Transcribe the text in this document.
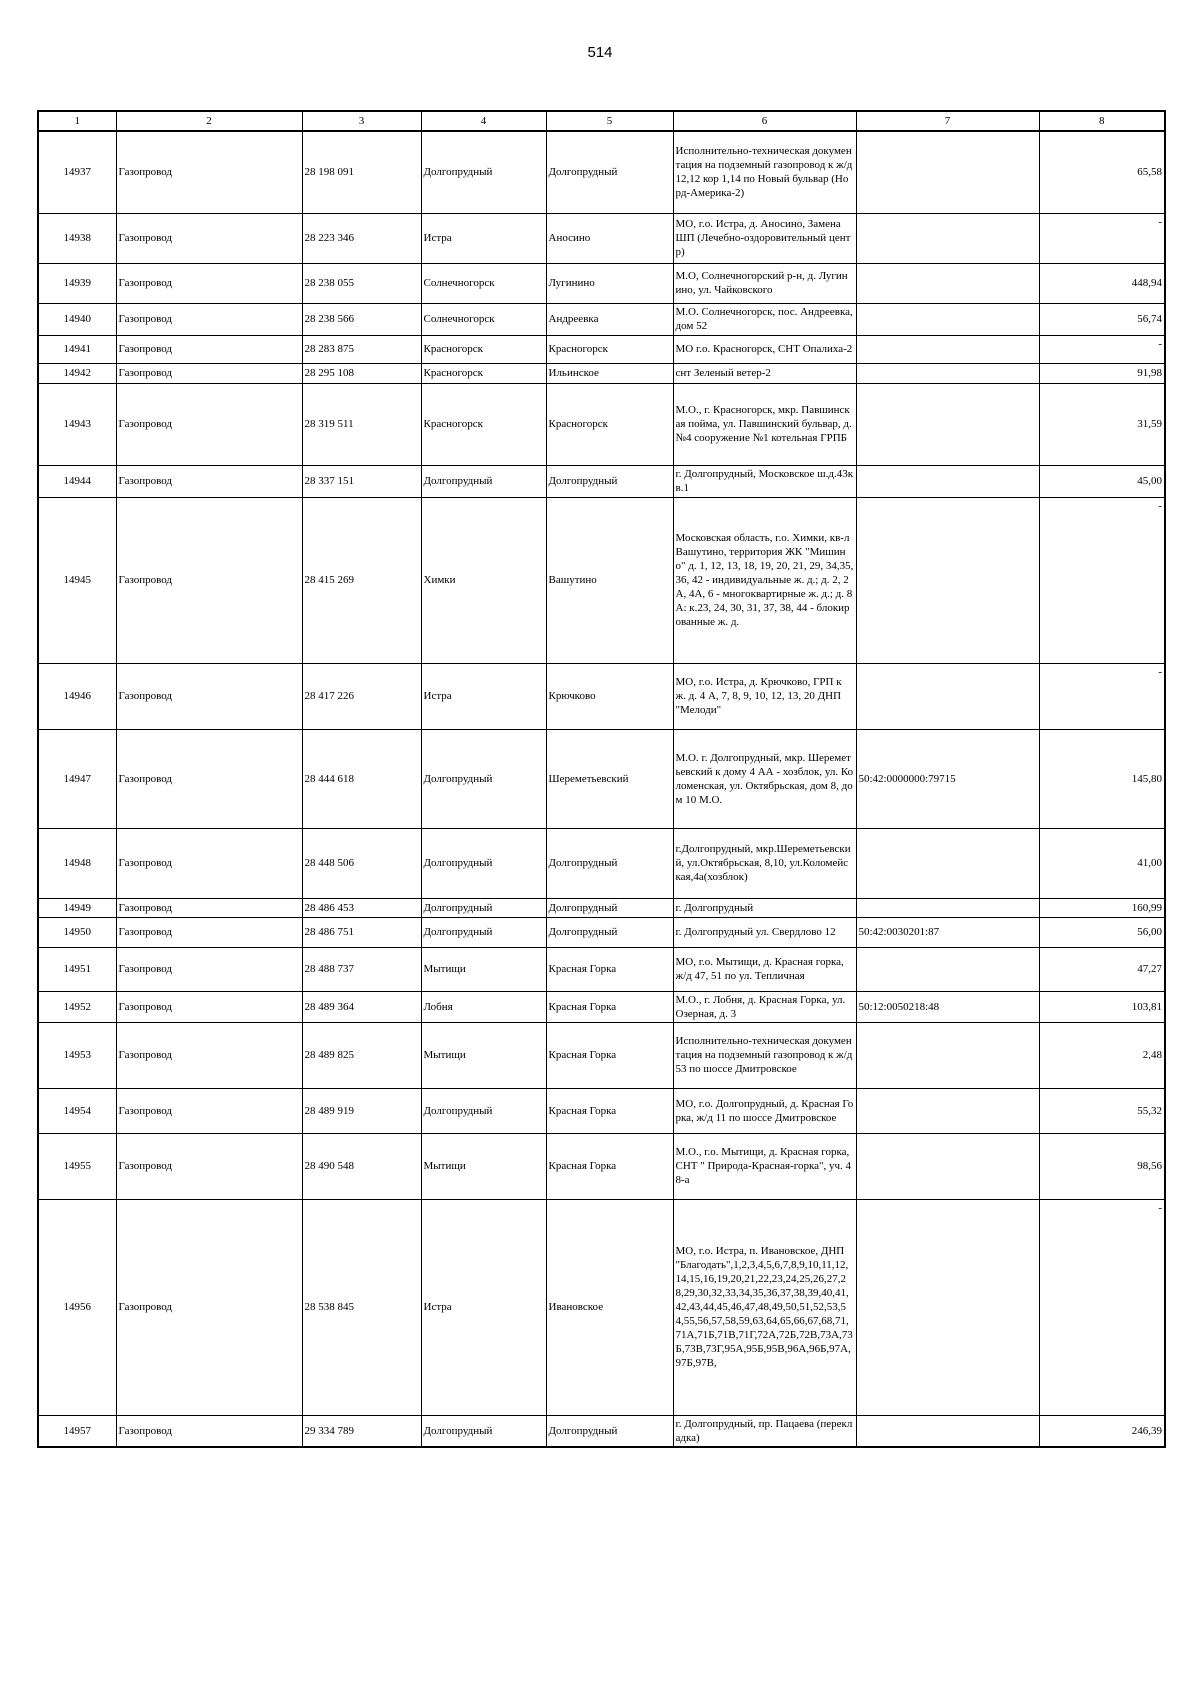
514
1	2	3	4	5	6	7	8
14937	Газопровод	28 198 091	Долгопрудный	Долгопрудный	Исполнительно-техническая документация на подземный газопровод к ж/д 12,12 кор 1,14 по Новый бульвар (Норд-Америка-2)		65,58
14938	Газопровод	28 223 346	Истра	Аносино	МО, г.о. Истра, д. Аносино, Замена ШП (Лечебно-оздоровительный центр)		-
14939	Газопровод	28 238 055	Солнечногорск	Лугинино	М.О, Солнечногорский р-н, д. Лугинино, ул. Чайковского		448,94
14940	Газопровод	28 238 566	Солнечногорск	Андреевка	М.О. Солнечногорск, пос. Андреевка, дом 52		56,74
14941	Газопровод	28 283 875	Красногорск	Красногорск	МО г.о. Красногорск, СНТ Опалиха-2		-
14942	Газопровод	28 295 108	Красногорск	Ильинское	снт Зеленый ветер-2		91,98
14943	Газопровод	28 319 511	Красногорск	Красногорск	М.О., г. Красногорск, мкр. Павшинская пойма, ул. Павшинский бульвар, д.№4 сооружение №1 котельная ГРПБ		31,59
14944	Газопровод	28 337 151	Долгопрудный	Долгопрудный	г. Долгопрудный, Московское ш.д.43кв.1		45,00
14945	Газопровод	28 415 269	Химки	Вашутино	Московская область, г.о. Химки, кв-л Вашутино, территория ЖК "Мишино" д. 1, 12, 13, 18, 19, 20, 21, 29, 34,35, 36, 42 - индивидуальные ж. д.; д. 2, 2А, 4А, 6 - многоквартирные ж. д.; д. 8А: к.23, 24, 30, 31, 37, 38, 44 - блокированные ж. д.		-
14946	Газопровод	28 417 226	Истра	Крючково	МО, г.о. Истра, д. Крючково, ГРП к ж. д. 4 А, 7, 8, 9, 10, 12, 13, 20 ДНП "Мелоди"		-
14947	Газопровод	28 444 618	Долгопрудный	Шереметьевский	М.О. г. Долгопрудный, мкр. Шереметьевский к дому 4 АА - хозблок, ул. Коломенская, ул. Октябрьская, дом 8, дом 10 М.О.	50:42:0000000:79715	145,80
14948	Газопровод	28 448 506	Долгопрудный	Долгопрудный	г.Долгопрудный, мкр.Шереметьевский, ул.Октябрьская, 8,10, ул.Коломейская,4а(хозблок)		41,00
14949	Газопровод	28 486 453	Долгопрудный	Долгопрудный	г. Долгопрудный		160,99
14950	Газопровод	28 486 751	Долгопрудный	Долгопрудный	г. Долгопрудный ул. Свердлово 12	50:42:0030201:87	56,00
14951	Газопровод	28 488 737	Мытищи	Красная Горка	МО, г.о. Мытищи, д. Красная горка, ж/д 47, 51 по ул. Тепличная		47,27
14952	Газопровод	28 489 364	Лобня	Красная Горка	М.О., г. Лобня, д. Красная Горка, ул. Озерная, д. 3	50:12:0050218:48	103,81
14953	Газопровод	28 489 825	Мытищи	Красная Горка	Исполнительно-техническая документация на подземный газопровод к ж/д 53 по шоссе Дмитровское		2,48
14954	Газопровод	28 489 919	Долгопрудный	Красная Горка	МО, г.о. Долгопрудный, д. Красная Горка, ж/д 11 по шоссе Дмитровское		55,32
14955	Газопровод	28 490 548	Мытищи	Красная Горка	М.О., г.о. Мытищи, д. Красная горка, СНТ " Природа-Красная-горка", уч. 48-а		98,56
14956	Газопровод	28 538 845	Истра	Ивановское	МО, г.о. Истра, п. Ивановское, ДНП "Благодать",1,2,3,4,5,6,7,8,9,10,11,12,14,15,16,19,20,21,22,23,24,25,26,27,28,29,30,32,33,34,35,36,37,38,39,40,41,42,43,44,45,46,47,48,49,50,51,52,53,54,55,56,57,58,59,63,64,65,66,67,68,71,71А,71Б,71В,71Г,72А,72Б,72В,73А,73Б,73В,73Г,95А,95Б,95В,96А,96Б,97А,97Б,97В,		-
14957	Газопровод	29 334 789	Долгопрудный	Долгопрудный	г. Долгопрудный, пр. Пацаева (перекладка)		246,39
